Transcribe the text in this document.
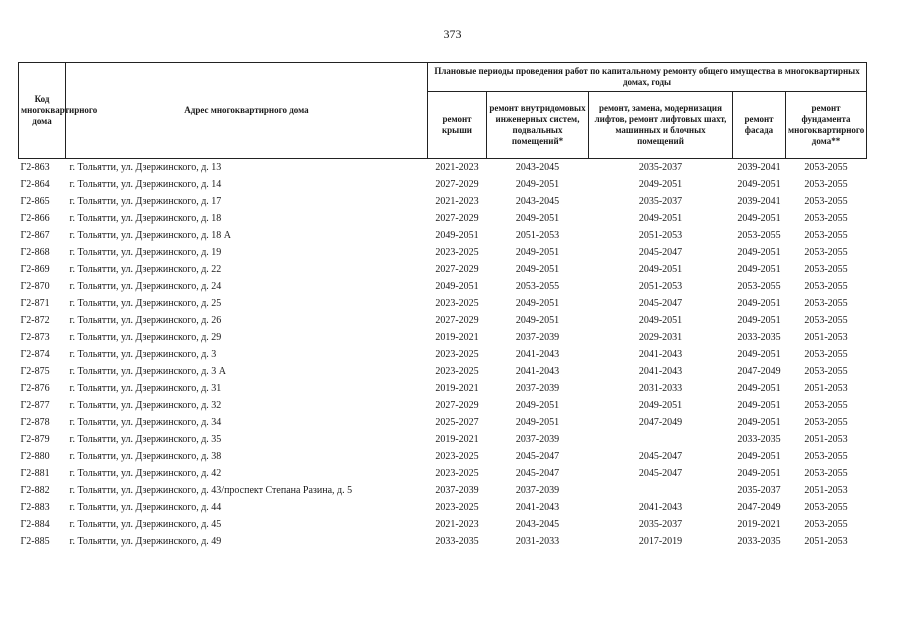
373
Код многоквартирного дома	Адрес многоквартирного дома	Плановые периоды проведения работ по капитальному ремонту общего имущества в многоквартирных домах, годы				
		ремонт крыши	ремонт внутридомовых инженерных систем, подвальных помещений*	ремонт, замена, модернизация лифтов, ремонт лифтовых шахт, машинных и блочных помещений	ремонт фасада	ремонт фундамента многоквартирного дома**
Г2-863	г. Тольятти, ул. Дзержинского, д. 13	2021-2023	2043-2045	2035-2037	2039-2041	2053-2055
Г2-864	г. Тольятти, ул. Дзержинского, д. 14	2027-2029	2049-2051	2049-2051	2049-2051	2053-2055
Г2-865	г. Тольятти, ул. Дзержинского, д. 17	2021-2023	2043-2045	2035-2037	2039-2041	2053-2055
Г2-866	г. Тольятти, ул. Дзержинского, д. 18	2027-2029	2049-2051	2049-2051	2049-2051	2053-2055
Г2-867	г. Тольятти, ул. Дзержинского, д. 18 А	2049-2051	2051-2053	2051-2053	2053-2055	2053-2055
Г2-868	г. Тольятти, ул. Дзержинского, д. 19	2023-2025	2049-2051	2045-2047	2049-2051	2053-2055
Г2-869	г. Тольятти, ул. Дзержинского, д. 22	2027-2029	2049-2051	2049-2051	2049-2051	2053-2055
Г2-870	г. Тольятти, ул. Дзержинского, д. 24	2049-2051	2053-2055	2051-2053	2053-2055	2053-2055
Г2-871	г. Тольятти, ул. Дзержинского, д. 25	2023-2025	2049-2051	2045-2047	2049-2051	2053-2055
Г2-872	г. Тольятти, ул. Дзержинского, д. 26	2027-2029	2049-2051	2049-2051	2049-2051	2053-2055
Г2-873	г. Тольятти, ул. Дзержинского, д. 29	2019-2021	2037-2039	2029-2031	2033-2035	2051-2053
Г2-874	г. Тольятти, ул. Дзержинского, д. 3	2023-2025	2041-2043	2041-2043	2049-2051	2053-2055
Г2-875	г. Тольятти, ул. Дзержинского, д. 3 А	2023-2025	2041-2043	2041-2043	2047-2049	2053-2055
Г2-876	г. Тольятти, ул. Дзержинского, д. 31	2019-2021	2037-2039	2031-2033	2049-2051	2051-2053
Г2-877	г. Тольятти, ул. Дзержинского, д. 32	2027-2029	2049-2051	2049-2051	2049-2051	2053-2055
Г2-878	г. Тольятти, ул. Дзержинского, д. 34	2025-2027	2049-2051	2047-2049	2049-2051	2053-2055
Г2-879	г. Тольятти, ул. Дзержинского, д. 35	2019-2021	2037-2039		2033-2035	2051-2053
Г2-880	г. Тольятти, ул. Дзержинского, д. 38	2023-2025	2045-2047	2045-2047	2049-2051	2053-2055
Г2-881	г. Тольятти, ул. Дзержинского, д. 42	2023-2025	2045-2047	2045-2047	2049-2051	2053-2055
Г2-882	г. Тольятти, ул. Дзержинского, д. 43/проспект Степана Разина, д. 5	2037-2039	2037-2039		2035-2037	2051-2053
Г2-883	г. Тольятти, ул. Дзержинского, д. 44	2023-2025	2041-2043	2041-2043	2047-2049	2053-2055
Г2-884	г. Тольятти, ул. Дзержинского, д. 45	2021-2023	2043-2045	2035-2037	2019-2021	2053-2055
Г2-885	г. Тольятти, ул. Дзержинского, д. 49	2033-2035	2031-2033	2017-2019	2033-2035	2051-2053
